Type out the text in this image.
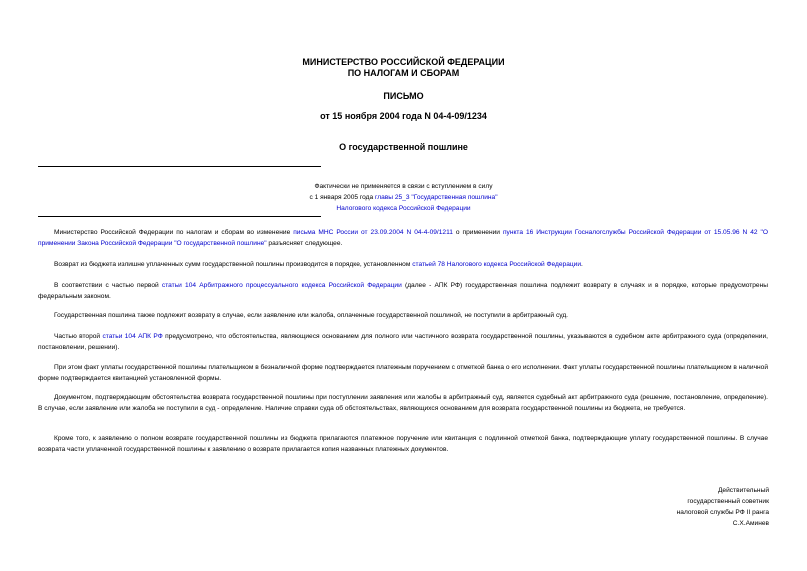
МИНИСТЕРСТВО РОССИЙСКОЙ ФЕДЕРАЦИИ
ПО НАЛОГАМ И СБОРАМ
ПИСЬМО
от 15 ноября 2004 года N 04-4-09/1234
О государственной пошлине
Фактически не применяется в связи с вступлением в силу
с 1 января 2005 года главы 25_3 "Государственная пошлина"
Налогового кодекса Российской Федерации

Министерство Российской Федерации по налогам и сборам во изменение письма МНС России от 23.09.2004 N 04-4-09/1211 о применении пункта 16 Инструкции Госналогслужбы Российской Федерации от 15.05.96 N 42 "О применении Закона Российской Федерации "О государственной пошлине" разъясняет следующее.

Возврат из бюджета излишне уплаченных сумм государственной пошлины производится в порядке, установленном статьей 78 Налогового кодекса Российской Федерации.

В соответствии с частью первой статьи 104 Арбитражного процессуального кодекса Российской Федерации (далее - АПК РФ) государственная пошлина подлежит возврату в случаях и в порядке, которые предусмотрены федеральным законом.

Государственная пошлина также подлежит возврату в случае, если заявление или жалоба, оплаченные государственной пошлиной, не поступили в арбитражный суд.

Частью второй статьи 104 АПК РФ предусмотрено, что обстоятельства, являющиеся основанием для полного или частичного возврата государственной пошлины, указываются в судебном акте арбитражного суда (определении, постановлении, решении).

При этом факт уплаты государственной пошлины плательщиком в безналичной форме подтверждается платежным поручением с отметкой банка о его исполнении. Факт уплаты государственной пошлины плательщиком в наличной форме подтверждается квитанцией установленной формы.

Документом, подтверждающим обстоятельства возврата государственной пошлины при поступлении заявления или жалобы в арбитражный суд, является судебный акт арбитражного суда (решение, постановление, определение). В случае, если заявление или жалоба не поступили в суд - определение. Наличие справки суда об обстоятельствах, являющихся основанием для возврата государственной пошлины из бюджета, не требуется.

Кроме того, к заявлению о полном возврате государственной пошлины из бюджета прилагаются платежное поручение или квитанция с подлинной отметкой банка, подтверждающие уплату государственной пошлины. В случае возврата части уплаченной государственной пошлины к заявлению о возврате прилагается копия названных платежных документов.

Действительный
государственный советник
налоговой службы РФ II ранга
С.Х.Аминев
